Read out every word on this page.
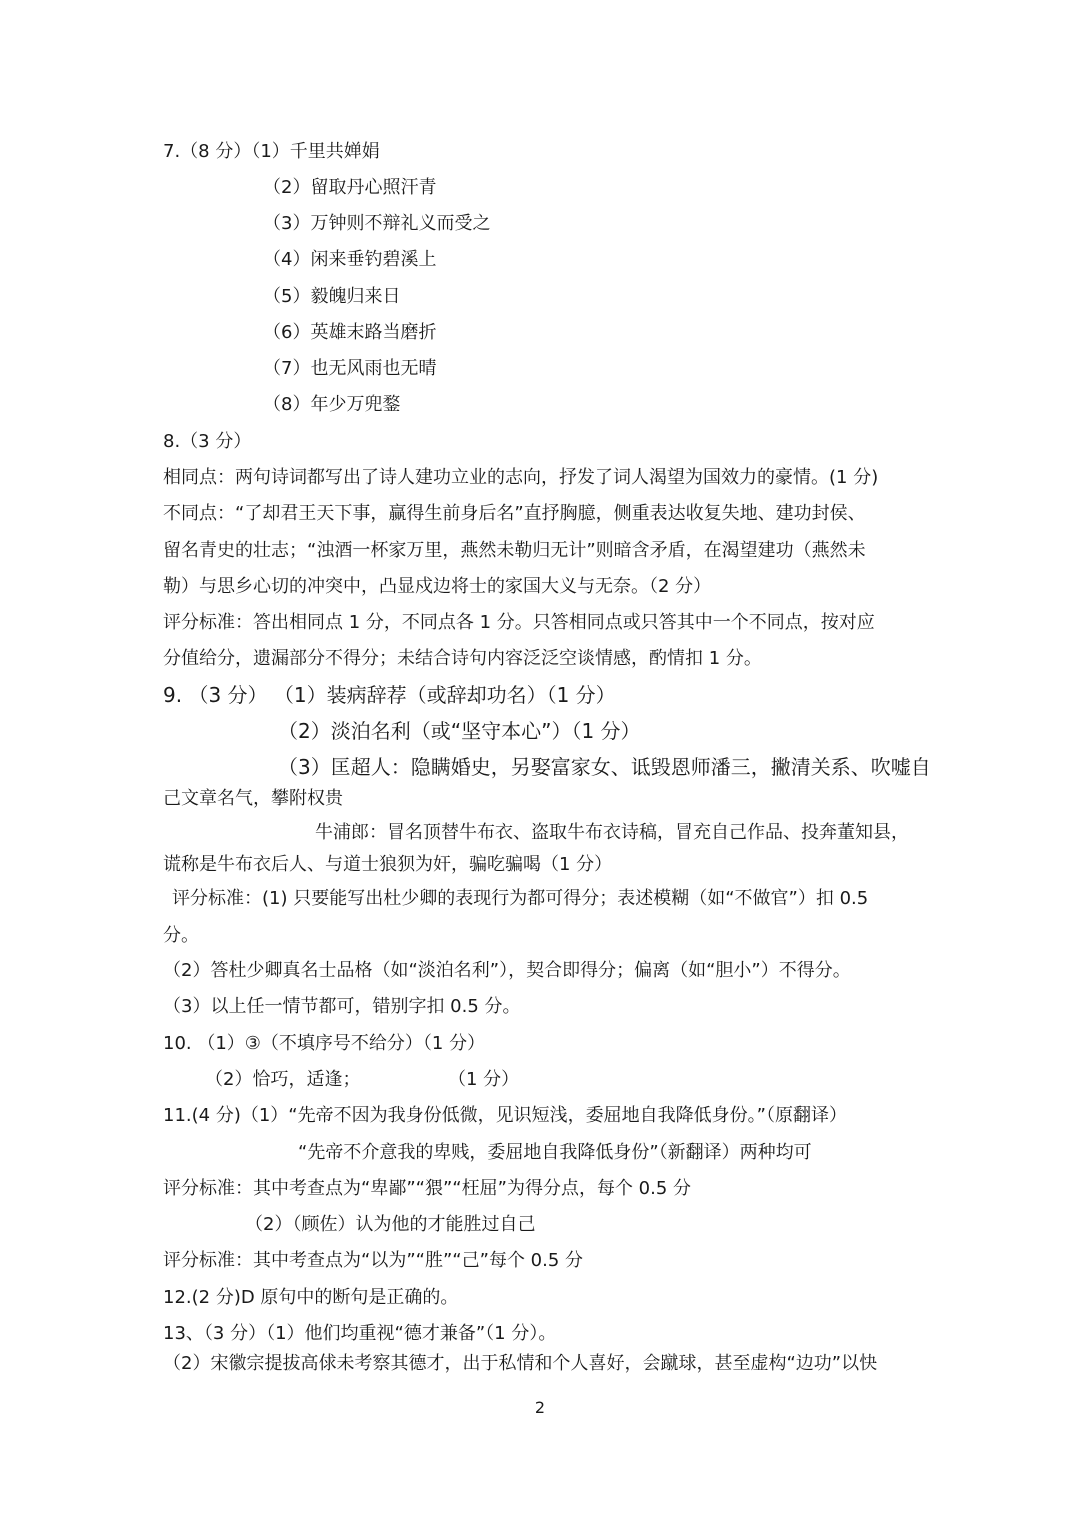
7.（8 分）（1）千里共婵娟
（2）留取丹心照汗青
（3）万钟则不辩礼义而受之
（4）闲来垂钓碧溪上
（5）毅魄归来日
（6）英雄末路当磨折
（7）也无风雨也无晴
（8）年少万兜鍪
8.（3 分）
相同点：两句诗词都写出了诗人建功立业的志向，抒发了词人渴望为国效力的豪情。(1 分)
不同点：“了却君王天下事，赢得生前身后名”直抒胸臆，侧重表达收复失地、建功封侯、
留名青史的壮志；“浊酒一杯家万里，燕然未勒归无计”则暗含矛盾，在渴望建功（燕然未
勒）与思乡心切的冲突中，凸显戍边将士的家国大义与无奈。（2 分）
评分标准：答出相同点 1 分，不同点各 1 分。只答相同点或只答其中一个不同点，按对应
分值给分，遗漏部分不得分；未结合诗句内容泛泛空谈情感，酌情扣 1 分。
9. （3 分） （1）装病辞荐（或辞却功名）（1 分）
（2）淡泊名利（或“坚守本心”）（1 分）
（3）匡超人：隐瞒婚史，另娶富家女、诋毁恩师潘三，撇清关系、吹嘘自
己文章名气，攀附权贵
牛浦郎：冒名顶替牛布衣、盗取牛布衣诗稿，冒充自己作品、投奔董知县，
谎称是牛布衣后人、与道士狼狈为奸，骗吃骗喝（1 分）
评分标准：(1) 只要能写出杜少卿的表现行为都可得分；表述模糊（如“不做官”）扣 0.5
分。
（2）答杜少卿真名士品格（如“淡泊名利”），契合即得分；偏离（如“胆小”）不得分。
（3）以上任一情节都可，错别字扣 0.5 分。
10. （1）③（不填序号不给分）（1 分）
（2）恰巧，适逢；	（1 分）
11.(4 分)（1）“先帝不因为我身份低微，见识短浅，委屈地自我降低身份。”（原翻译）
“先帝不介意我的卑贱，委屈地自我降低身份”（新翻译）两种均可
评分标准：其中考查点为“卑鄙”“猥”“枉屈”为得分点，每个 0.5 分
（2）（顾佐）认为他的才能胜过自己
评分标准：其中考查点为“以为”“胜”“己”每个 0.5 分
12.(2 分)D 原句中的断句是正确的。
13、（3 分）（1）他们均重视“德才兼备”（1 分）。
（2）宋徽宗提拔高俅未考察其德才，出于私情和个人喜好，会蹴球，甚至虚构“边功”以快
2
